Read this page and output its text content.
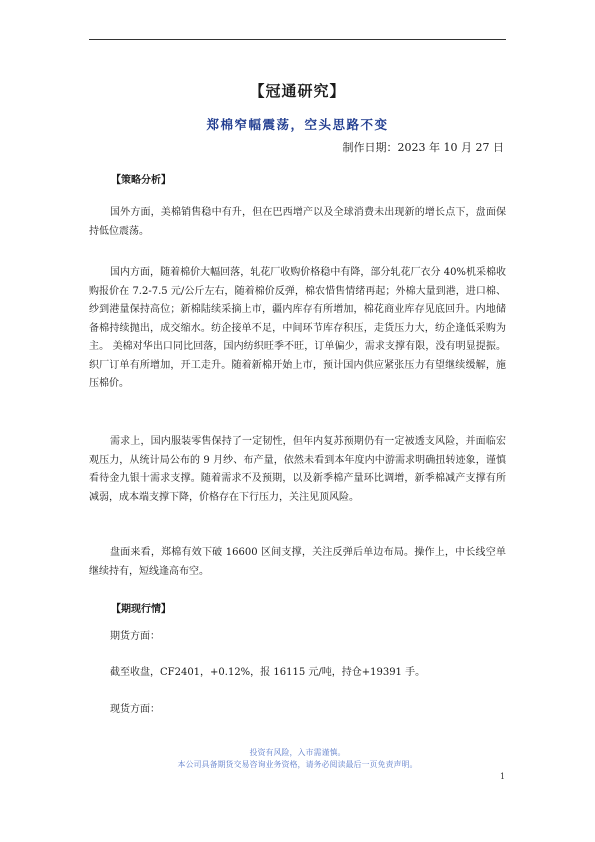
【冠通研究】
郑棉窄幅震荡，空头思路不变
制作日期：2023 年 10 月 27 日
【策略分析】
国外方面，美棉销售稳中有升，但在巴西增产以及全球消费未出现新的增长点下，盘面保持低位震荡。
国内方面，随着棉价大幅回落，轧花厂收购价格稳中有降，部分轧花厂衣分 40%机采棉收购报价在 7.2-7.5 元/公斤左右，随着棉价反弹，棉农惜售情绪再起；外棉大量到港，进口棉、纱到港量保持高位；新棉陆续采摘上市，疆内库存有所增加，棉花商业库存见底回升。内地储备棉持续抛出，成交缩水。纺企接单不足，中间环节库存积压，走货压力大，纺企逢低采购为主。 美棉对华出口同比回落，国内纺织旺季不旺，订单偏少，需求支撑有限，没有明显提振。织厂订单有所增加，开工走升。随着新棉开始上市，预计国内供应紧张压力有望继续缓解，施压棉价。
需求上，国内服装零售保持了一定韧性，但年内复苏预期仍有一定被透支风险，并面临宏观压力，从统计局公布的 9 月纱、布产量，依然未看到本年度内中游需求明确扭转迹象，谨慎看待金九银十需求支撑。随着需求不及预期，以及新季棉产量环比调增，新季棉减产支撑有所减弱，成本端支撑下降，价格存在下行压力，关注见顶风险。
盘面来看，郑棉有效下破 16600 区间支撑，关注反弹后单边布局。操作上，中长线空单继续持有，短线逢高布空。
【期现行情】
期货方面：
截至收盘，CF2401，+0.12%，报 16115 元/吨，持仓+19391 手。
现货方面：
投资有风险，入市需谨慎。
本公司具备期货交易咨询业务资格，请务必阅读最后一页免责声明。
1
